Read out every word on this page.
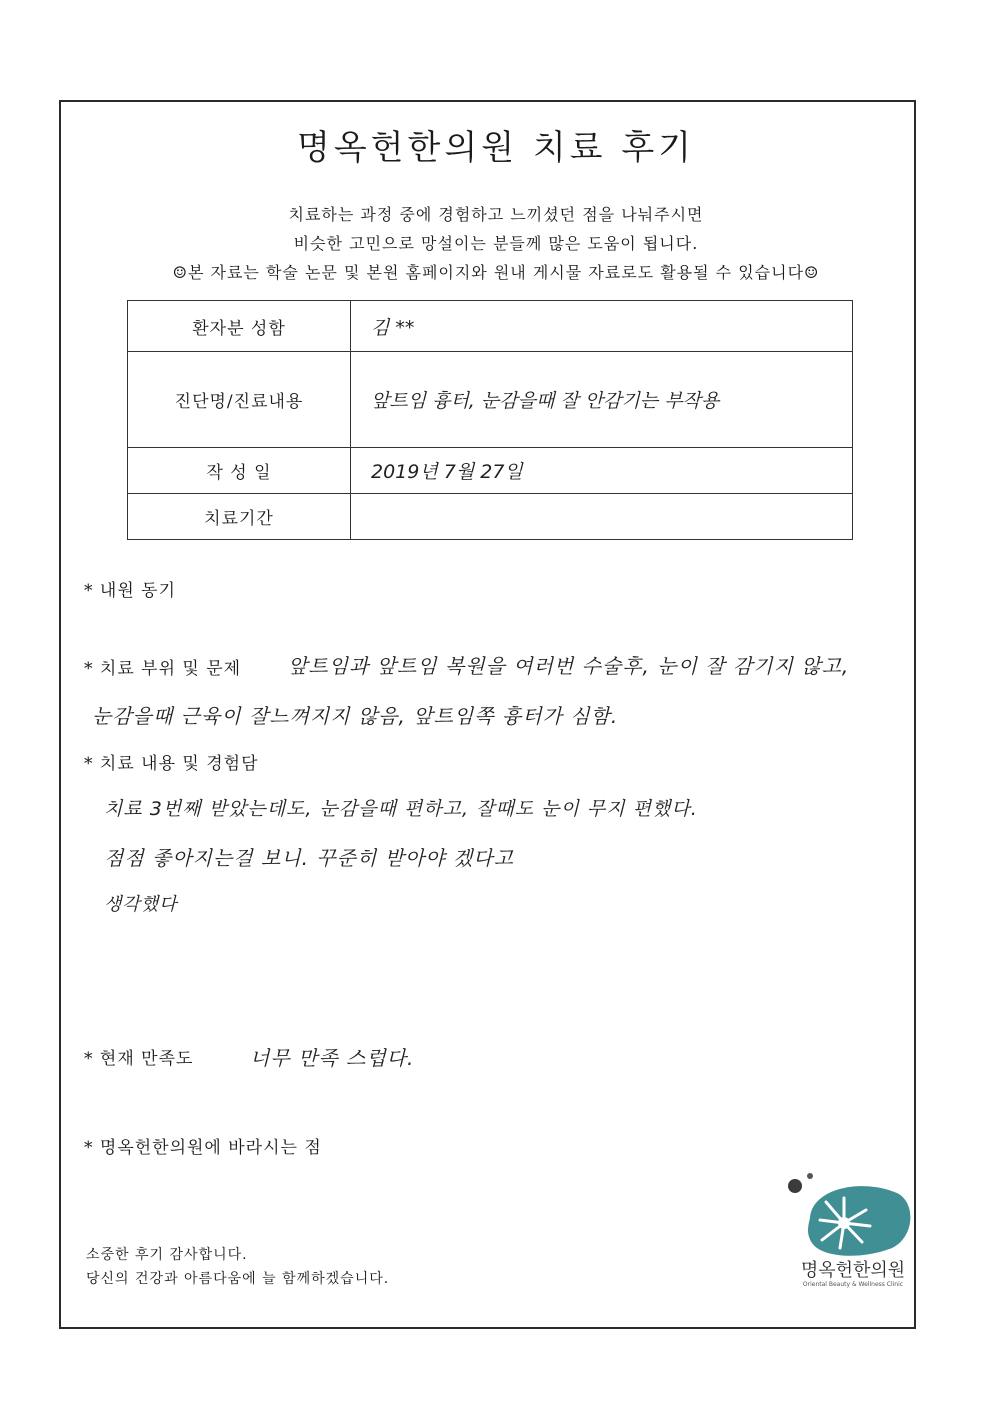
명옥헌한의원 치료 후기
치료하는 과정 중에 경험하고 느끼셨던 점을 나눠주시면
비슷한 고민으로 망설이는 분들께 많은 도움이 됩니다.
☺본 자료는 학술 논문 및 본원 홈페이지와 원내 게시물 자료로도 활용될 수 있습니다☺
환자분 성함	김 **
진단명/진료내용	앞트임 흉터, 눈감을때 잘 안감기는 부작용
작 성 일	2019년 7월 27일
치료기간	
* 내원 동기
* 치료 부위 및 문제 앞트임과 앞트임 복원을 여러번 수술후, 눈이 잘 감기지 않고,
눈감을때 근육이 잘느껴지지 않음, 앞트임쪽 흉터가 심함.
* 치료 내용 및 경험담
치료 3번째 받았는데도, 눈감을때 편하고, 잘때도 눈이 무지 편했다.
점점 좋아지는걸 보니. 꾸준히 받아야 겠다고
생각했다
* 현재 만족도	너무 만족 스럽다.
* 명옥헌한의원에 바라시는 점
소중한 후기 감사합니다.
당신의 건강과 아름다움에 늘 함께하겠습니다.	명옥헌한의원
Oriental Beauty & Wellness Clinic
